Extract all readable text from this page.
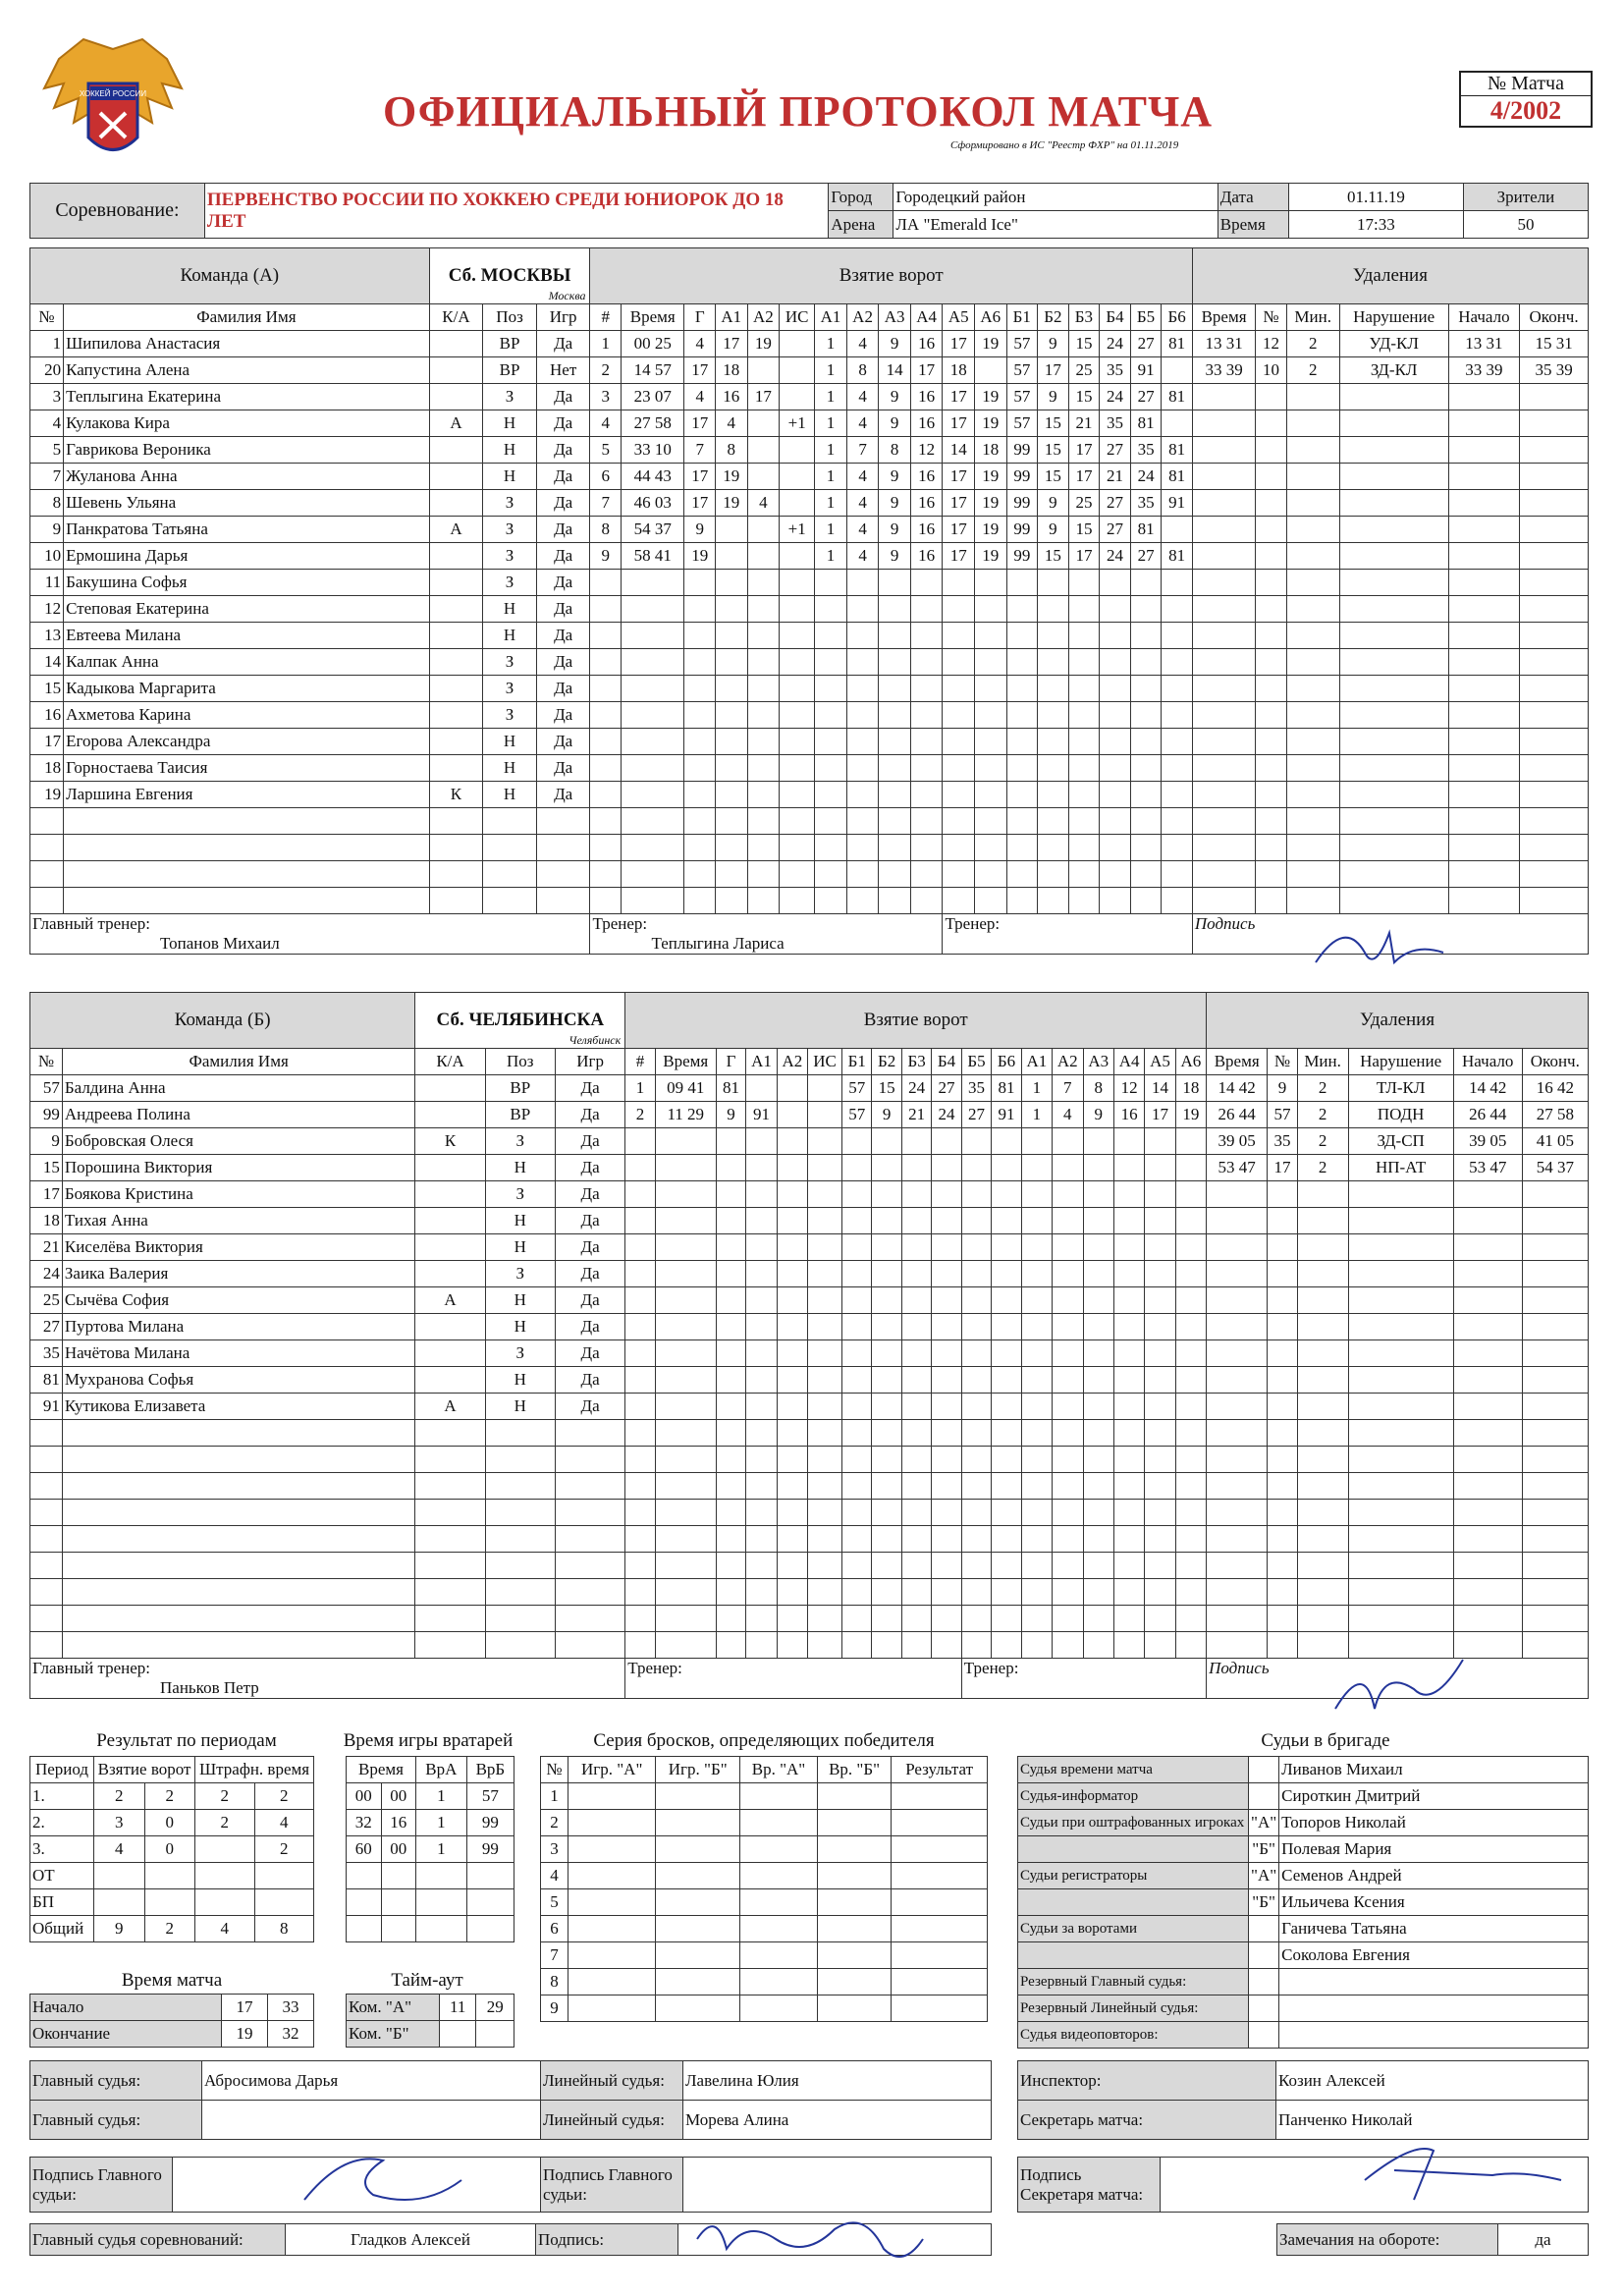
ХОККЕЙ РОССИИ	ОФИЦИАЛЬНЫЙ ПРОТОКОЛ МАТЧА
Сформировано в ИС "Реестр ФХР" на 01.11.2019
№ Матча
4/2002
Соревнование:	ПЕРВЕНСТВО РОССИИ ПО ХОККЕЮ СРЕДИ ЮНИОРОК ДО 18 ЛЕТ	Город	Городецкий район	Дата	01.11.19	Зрители
		Арена	ЛА "Emerald Ice"	Время	17:33	50
Команда (А)		Сб. МОСКВЫ
Москва			Взятие ворот																		Удаления					
№	Фамилия Имя	К/А	Поз	Игр	#	Время	Г	А1	А2	ИС	А1	А2	А3	А4	А5	А6	Б1	Б2	Б3	Б4	Б5	Б6	Время	№	Мин.	Нарушение	Начало	Оконч.
1	Шипилова Анастасия		ВР	Да	1	00 25	4	17	19		1	4	9	16	17	19	57	9	15	24	27	81	13 31	12	2	УД-КЛ	13 31	15 31
20	Капустина Алена		ВР	Нет	2	14 57	17	18			1	8	14	17	18		57	17	25	35	91		33 39	10	2	ЗД-КЛ	33 39	35 39
3	Теплыгина Екатерина		З	Да	3	23 07	4	16	17		1	4	9	16	17	19	57	9	15	24	27	81						
4	Кулакова Кира	А	Н	Да	4	27 58	17	4		+1	1	4	9	16	17	19	57	15	21	35	81							
5	Гаврикова Вероника		Н	Да	5	33 10	7	8			1	7	8	12	14	18	99	15	17	27	35	81						
7	Жуланова Анна		Н	Да	6	44 43	17	19			1	4	9	16	17	19	99	15	17	21	24	81						
8	Шевень Ульяна		З	Да	7	46 03	17	19	4		1	4	9	16	17	19	99	9	25	27	35	91						
9	Панкратова Татьяна	А	З	Да	8	54 37	9			+1	1	4	9	16	17	19	99	9	15	27	81							
10	Ермошина Дарья		З	Да	9	58 41	19				1	4	9	16	17	19	99	15	17	24	27	81						
11	Бакушина Софья		З	Да																								
12	Степовая Екатерина		Н	Да																								
13	Евтеева Милана		Н	Да																								
14	Калпак Анна		З	Да																								
15	Кадыкова Маргарита		З	Да																								
16	Ахметова Карина		З	Да																								
17	Егорова Александра		Н	Да																								
18	Горностаева Таисия		Н	Да																								
19	Ларшина Евгения	К	Н	Да																								

Главный тренер:
Топанов Михаил					Тренер:
Теплыгина Лариса										Тренер:								Подпись					
Команда (Б)		Сб. ЧЕЛЯБИНСКА
Челябинск			Взятие ворот																		Удаления					
№	Фамилия Имя	К/А	Поз	Игр	#	Время	Г	А1	А2	ИС	Б1	Б2	Б3	Б4	Б5	Б6	А1	А2	А3	А4	А5	А6	Время	№	Мин.	Нарушение	Начало	Оконч.
57	Балдина Анна		ВР	Да	1	09 41	81				57	15	24	27	35	81	1	7	8	12	14	18	14 42	9	2	ТЛ-КЛ	14 42	16 42
99	Андреева Полина		ВР	Да	2	11 29	9	91			57	9	21	24	27	91	1	4	9	16	17	19	26 44	57	2	ПОДН	26 44	27 58
9	Бобровская Олеся	К	З	Да																			39 05	35	2	ЗД-СП	39 05	41 05
15	Порошина Виктория		Н	Да																			53 47	17	2	НП-АТ	53 47	54 37
17	Боякова Кристина		З	Да																								
18	Тихая Анна		Н	Да																								
21	Киселёва Виктория		Н	Да																								
24	Заика Валерия		З	Да																								
25	Сычёва София	А	Н	Да																								
27	Пуртова Милана		Н	Да																								
35	Начётова Милана		З	Да																								
81	Мухранова Софья		Н	Да																								
91	Кутикова Елизавета	А	Н	Да																								

Главный тренер:
Паньков Петр					Тренер:										Тренер:								Подпись					
Результат по периодам
Период	Взятие ворот		Штрафн. время	
1.	2	2	2	2
2.	3	0	2	4
3.	4	0		2
ОТ				
БП				
Общий	9	2	4	8
Время игры вратарей
Время		ВрА	ВрБ
00	00	1	57
32	16	1	99
60	00	1	99

Серия бросков, определяющих победителя
№	Игр. "А"	Игр. "Б"	Вр. "А"	Вр. "Б"	Результат
1					
2					
3					
4					
5					
6					
7					
8					
9					
Время матча
Начало	17	33
Окончание	19	32
Тайм-аут
Ком. "А"	11	29
Ком. "Б"		
Судьи в бригаде
Судья времени матча		Ливанов Михаил
Судья-информатор		Сироткин Дмитрий
Судьи при оштрафованных игроках	"А"	Топоров Николай
	"Б"	Полевая Мария
Судьи регистраторы	"А"	Семенов Андрей
	"Б"	Ильичева Ксения
Судьи за воротами		Ганичева Татьяна
		Соколова Евгения
Резервный Главный судья:		
Резервный Линейный судья:		
Судья видеоповторов:		
Главный судья:	Абросимова Дарья	Линейный судья:	Лавелина Юлия
Главный судья:		Линейный судья:	Морева Алина
Инспектор:	Козин Алексей
Секретарь матча:	Панченко Николай
Подпись Главного судьи:		Подпись Главного судьи:	
Подпись Секретаря матча:	
Главный судья соревнований:	Гладков Алексей	Подпись:		Замечания на обороте:	да
